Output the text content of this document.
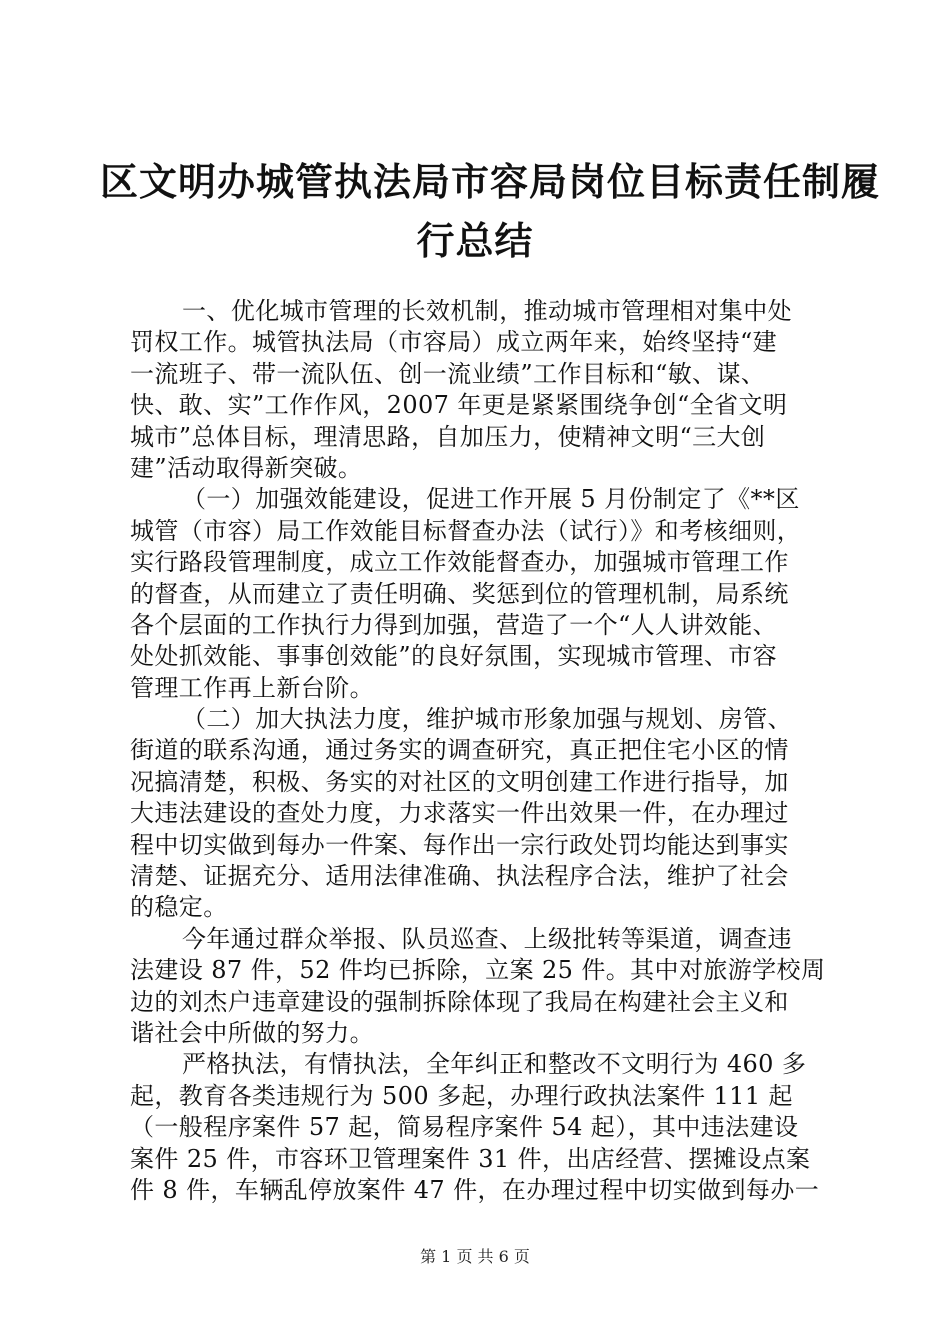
区文明办城管执法局市容局岗位目标责任制履
行总结
一、优化城市管理的长效机制，推动城市管理相对集中处
罚权工作。城管执法局（市容局）成立两年来，始终坚持“建
一流班子、带一流队伍、创一流业绩”工作目标和“敏、谋、
快、敢、实”工作作风，2007 年更是紧紧围绕争创“全省文明
城市”总体目标，理清思路，自加压力，使精神文明“三大创
建”活动取得新突破。
（一）加强效能建设，促进工作开展 5 月份制定了《**区
城管（市容）局工作效能目标督查办法（试行）》和考核细则，
实行路段管理制度，成立工作效能督查办，加强城市管理工作
的督查，从而建立了责任明确、奖惩到位的管理机制，局系统
各个层面的工作执行力得到加强，营造了一个“人人讲效能、
处处抓效能、事事创效能”的良好氛围，实现城市管理、市容
管理工作再上新台阶。
（二）加大执法力度，维护城市形象加强与规划、房管、
街道的联系沟通，通过务实的调查研究，真正把住宅小区的情
况搞清楚，积极、务实的对社区的文明创建工作进行指导，加
大违法建设的查处力度，力求落实一件出效果一件，在办理过
程中切实做到每办一件案、每作出一宗行政处罚均能达到事实
清楚、证据充分、适用法律准确、执法程序合法，维护了社会
的稳定。
今年通过群众举报、队员巡查、上级批转等渠道，调查违
法建设 87 件，52 件均已拆除，立案 25 件。其中对旅游学校周
边的刘杰户违章建设的强制拆除体现了我局在构建社会主义和
谐社会中所做的努力。
严格执法，有情执法，全年纠正和整改不文明行为 460 多
起，教育各类违规行为 500 多起，办理行政执法案件 111 起
（一般程序案件 57 起，简易程序案件 54 起），其中违法建设
案件 25 件，市容环卫管理案件 31 件，出店经营、摆摊设点案
件 8 件，车辆乱停放案件 47 件，在办理过程中切实做到每办一
第 1 页 共 6 页
